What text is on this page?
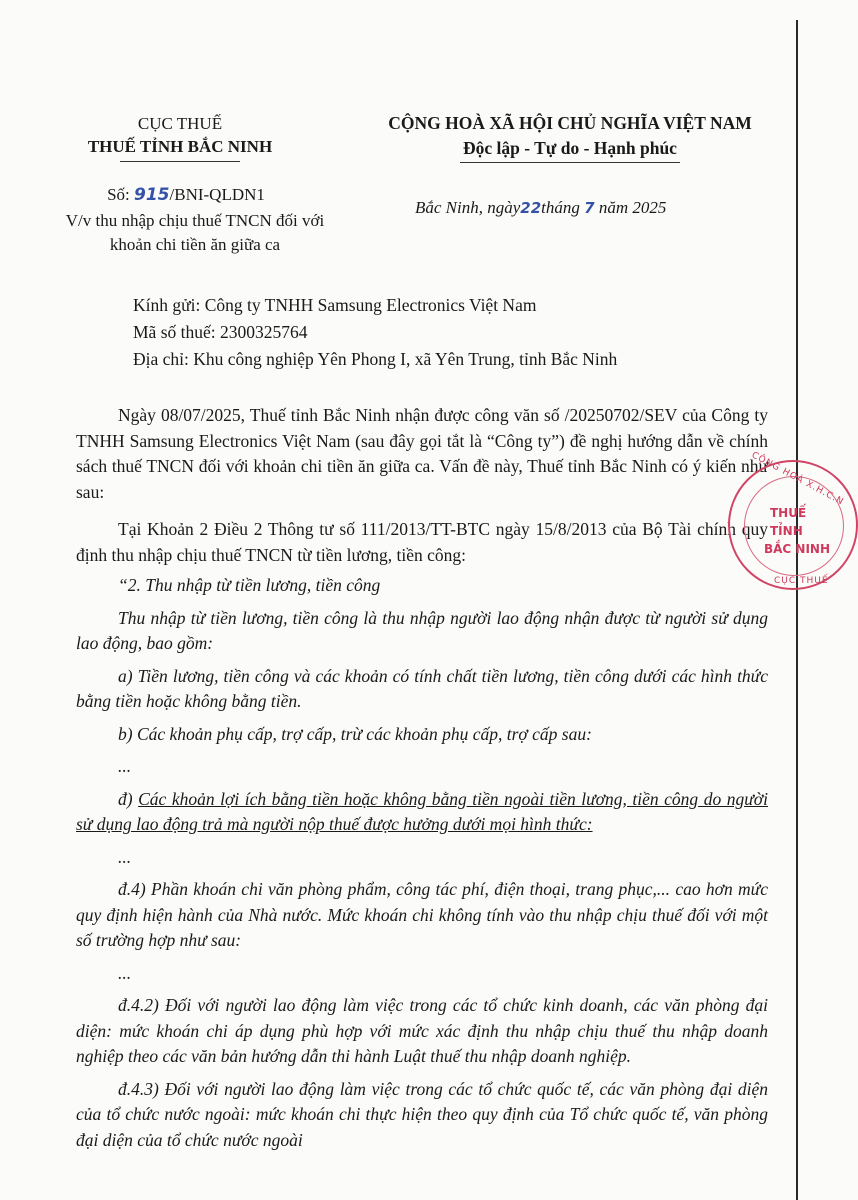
CỤC THUẾ
THUẾ TỈNH BẮC NINH
CỘNG HOÀ XÃ HỘI CHỦ NGHĨA VIỆT NAM
Độc lập - Tự do - Hạnh phúc
Số: 915/BNI-QLDN1
V/v thu nhập chịu thuế TNCN đối với
khoản chi tiền ăn giữa ca
Bắc Ninh, ngày22tháng 7 năm 2025
Kính gửi: Công ty TNHH Samsung Electronics Việt Nam
Mã số thuế: 2300325764
Địa chỉ: Khu công nghiệp Yên Phong I, xã Yên Trung, tỉnh Bắc Ninh
Ngày 08/07/2025, Thuế tỉnh Bắc Ninh nhận được công văn số /20250702/SEV của Công ty TNHH Samsung Electronics Việt Nam (sau đây gọi tắt là “Công ty”) đề nghị hướng dẫn về chính sách thuế TNCN đối với khoản chi tiền ăn giữa ca. Vấn đề này, Thuế tỉnh Bắc Ninh có ý kiến như sau:
Tại Khoản 2 Điều 2 Thông tư số 111/2013/TT-BTC ngày 15/8/2013 của Bộ Tài chính quy định thu nhập chịu thuế TNCN từ tiền lương, tiền công:

“2. Thu nhập từ tiền lương, tiền công

Thu nhập từ tiền lương, tiền công là thu nhập người lao động nhận được từ người sử dụng lao động, bao gồm:

a) Tiền lương, tiền công và các khoản có tính chất tiền lương, tiền công dưới các hình thức bằng tiền hoặc không bằng tiền.

b) Các khoản phụ cấp, trợ cấp, trừ các khoản phụ cấp, trợ cấp sau:

...

đ) Các khoản lợi ích bằng tiền hoặc không bằng tiền ngoài tiền lương, tiền công do người sử dụng lao động trả mà người nộp thuế được hưởng dưới mọi hình thức:

...

đ.4) Phần khoán chi văn phòng phẩm, công tác phí, điện thoại, trang phục,... cao hơn mức quy định hiện hành của Nhà nước. Mức khoán chi không tính vào thu nhập chịu thuế đối với một số trường hợp như sau:

...

đ.4.2) Đối với người lao động làm việc trong các tổ chức kinh doanh, các văn phòng đại diện: mức khoán chi áp dụng phù hợp với mức xác định thu nhập chịu thuế thu nhập doanh nghiệp theo các văn bản hướng dẫn thi hành Luật thuế thu nhập doanh nghiệp.

đ.4.3) Đối với người lao động làm việc trong các tổ chức quốc tế, các văn phòng đại diện của tổ chức nước ngoài: mức khoán chi thực hiện theo quy định của Tổ chức quốc tế, văn phòng đại diện của tổ chức nước ngoài

CỘNG HOÀ X.H.C.N
THUẾ
TỈNH
BẮC NINH
CỤC THUẾ
